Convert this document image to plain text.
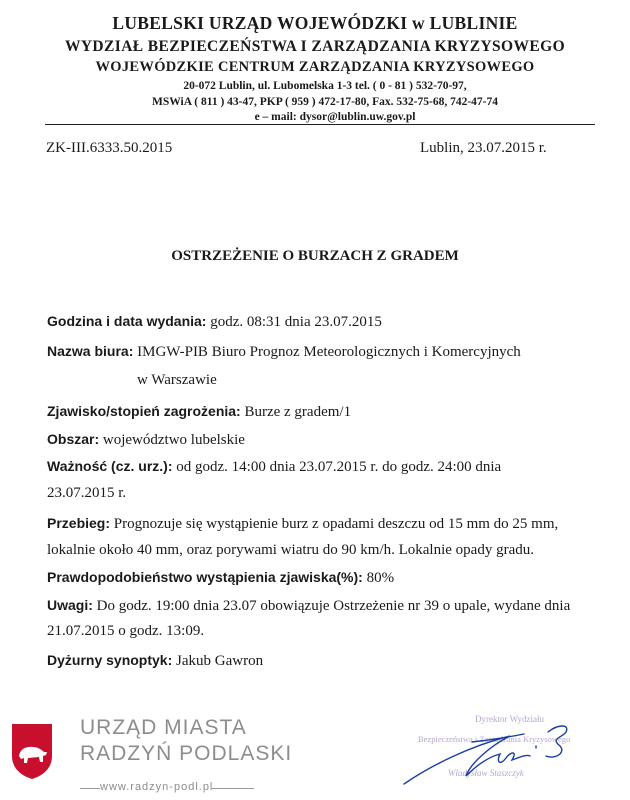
LUBELSKI URZĄD WOJEWÓDZKI w LUBLINIE
WYDZIAŁ BEZPIECZEŃSTWA I ZARZĄDZANIA KRYZYSOWEGO
WOJEWÓDZKIE CENTRUM ZARZĄDZANIA KRYZYSOWEGO
20-072 Lublin, ul. Lubomelska 1-3 tel. ( 0 - 81 ) 532-70-97,
MSWiA ( 811 ) 43-47, PKP ( 959 ) 472-17-80, Fax. 532-75-68, 742-47-74
e – mail: dysor@lublin.uw.gov.pl
ZK-III.6333.50.2015	Lublin, 23.07.2015 r.
OSTRZEŻENIE O BURZACH Z GRADEM
Godzina i data wydania: godz. 08:31 dnia 23.07.2015
Nazwa biura: IMGW-PIB Biuro Prognoz Meteorologicznych i Komercyjnych
w Warszawie
Zjawisko/stopień zagrożenia: Burze z gradem/1
Obszar: województwo lubelskie
Ważność (cz. urz.): od godz. 14:00 dnia 23.07.2015 r. do godz. 24:00 dnia
23.07.2015 r.
Przebieg: Prognozuje się wystąpienie burz z opadami deszczu od 15 mm do 25 mm,
lokalnie około 40 mm, oraz porywami wiatru do 90 km/h. Lokalnie opady gradu.
Prawdopodobieństwo wystąpienia zjawiska(%): 80%
Uwagi: Do godz. 19:00 dnia 23.07 obowiązuje Ostrzeżenie nr 39 o upale, wydane dnia
21.07.2015 o godz. 13:09.
Dyżurny synoptyk: Jakub Gawron
URZĄD MIASTA
RADZYŃ PODLASKI
www.radzyn-podl.pl
Dyrektor Wydziału
Bezpieczeństwa i Zarządzania Kryzysowego
Władysław Staszczyk
